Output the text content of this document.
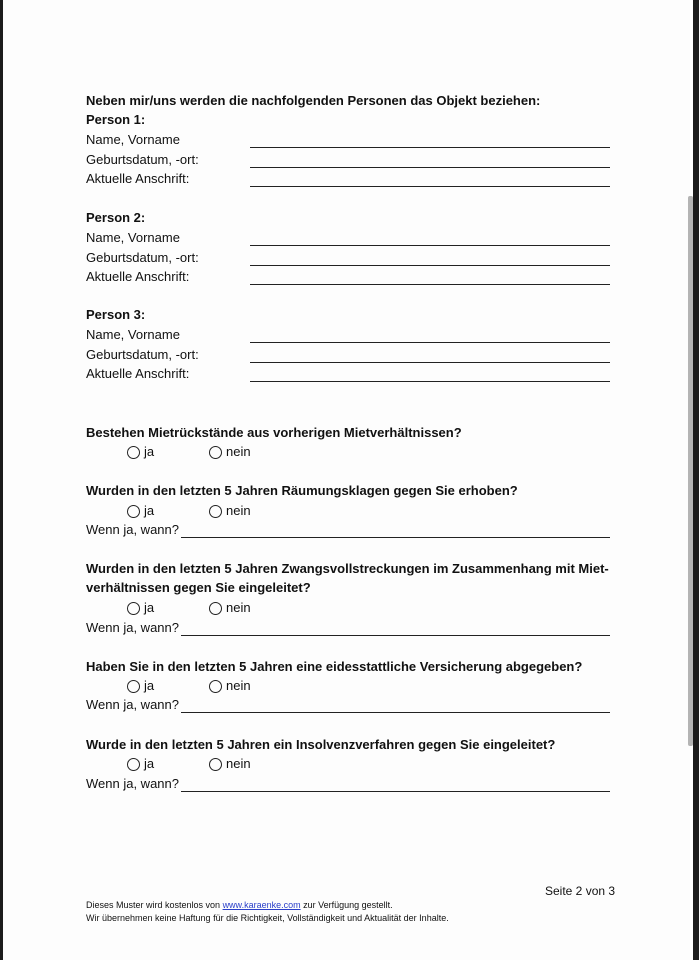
Neben mir/uns werden die nachfolgenden Personen das Objekt beziehen:
Person 1:
Name, Vorname
Geburtsdatum, -ort:
Aktuelle Anschrift:
Person 2:
Name, Vorname
Geburtsdatum, -ort:
Aktuelle Anschrift:
Person 3:
Name, Vorname
Geburtsdatum, -ort:
Aktuelle Anschrift:
Bestehen Mietrückstände aus vorherigen Mietverhältnissen?
ja	nein
Wurden in den letzten 5 Jahren Räumungsklagen gegen Sie erhoben?
ja	nein
Wenn ja, wann?
Wurden in den letzten 5 Jahren Zwangsvollstreckungen im Zusammenhang mit Miet-
verhältnissen gegen Sie eingeleitet?
ja	nein
Wenn ja, wann?
Haben Sie in den letzten 5 Jahren eine eidesstattliche Versicherung abgegeben?
ja	nein
Wenn ja, wann?
Wurde in den letzten 5 Jahren ein Insolvenzverfahren gegen Sie eingeleitet?
ja	nein
Wenn ja, wann?
Seite 2 von 3
Dieses Muster wird kostenlos von www.karaenke.com zur Verfügung gestellt.
Wir übernehmen keine Haftung für die Richtigkeit, Vollständigkeit und Aktualität der Inhalte.
